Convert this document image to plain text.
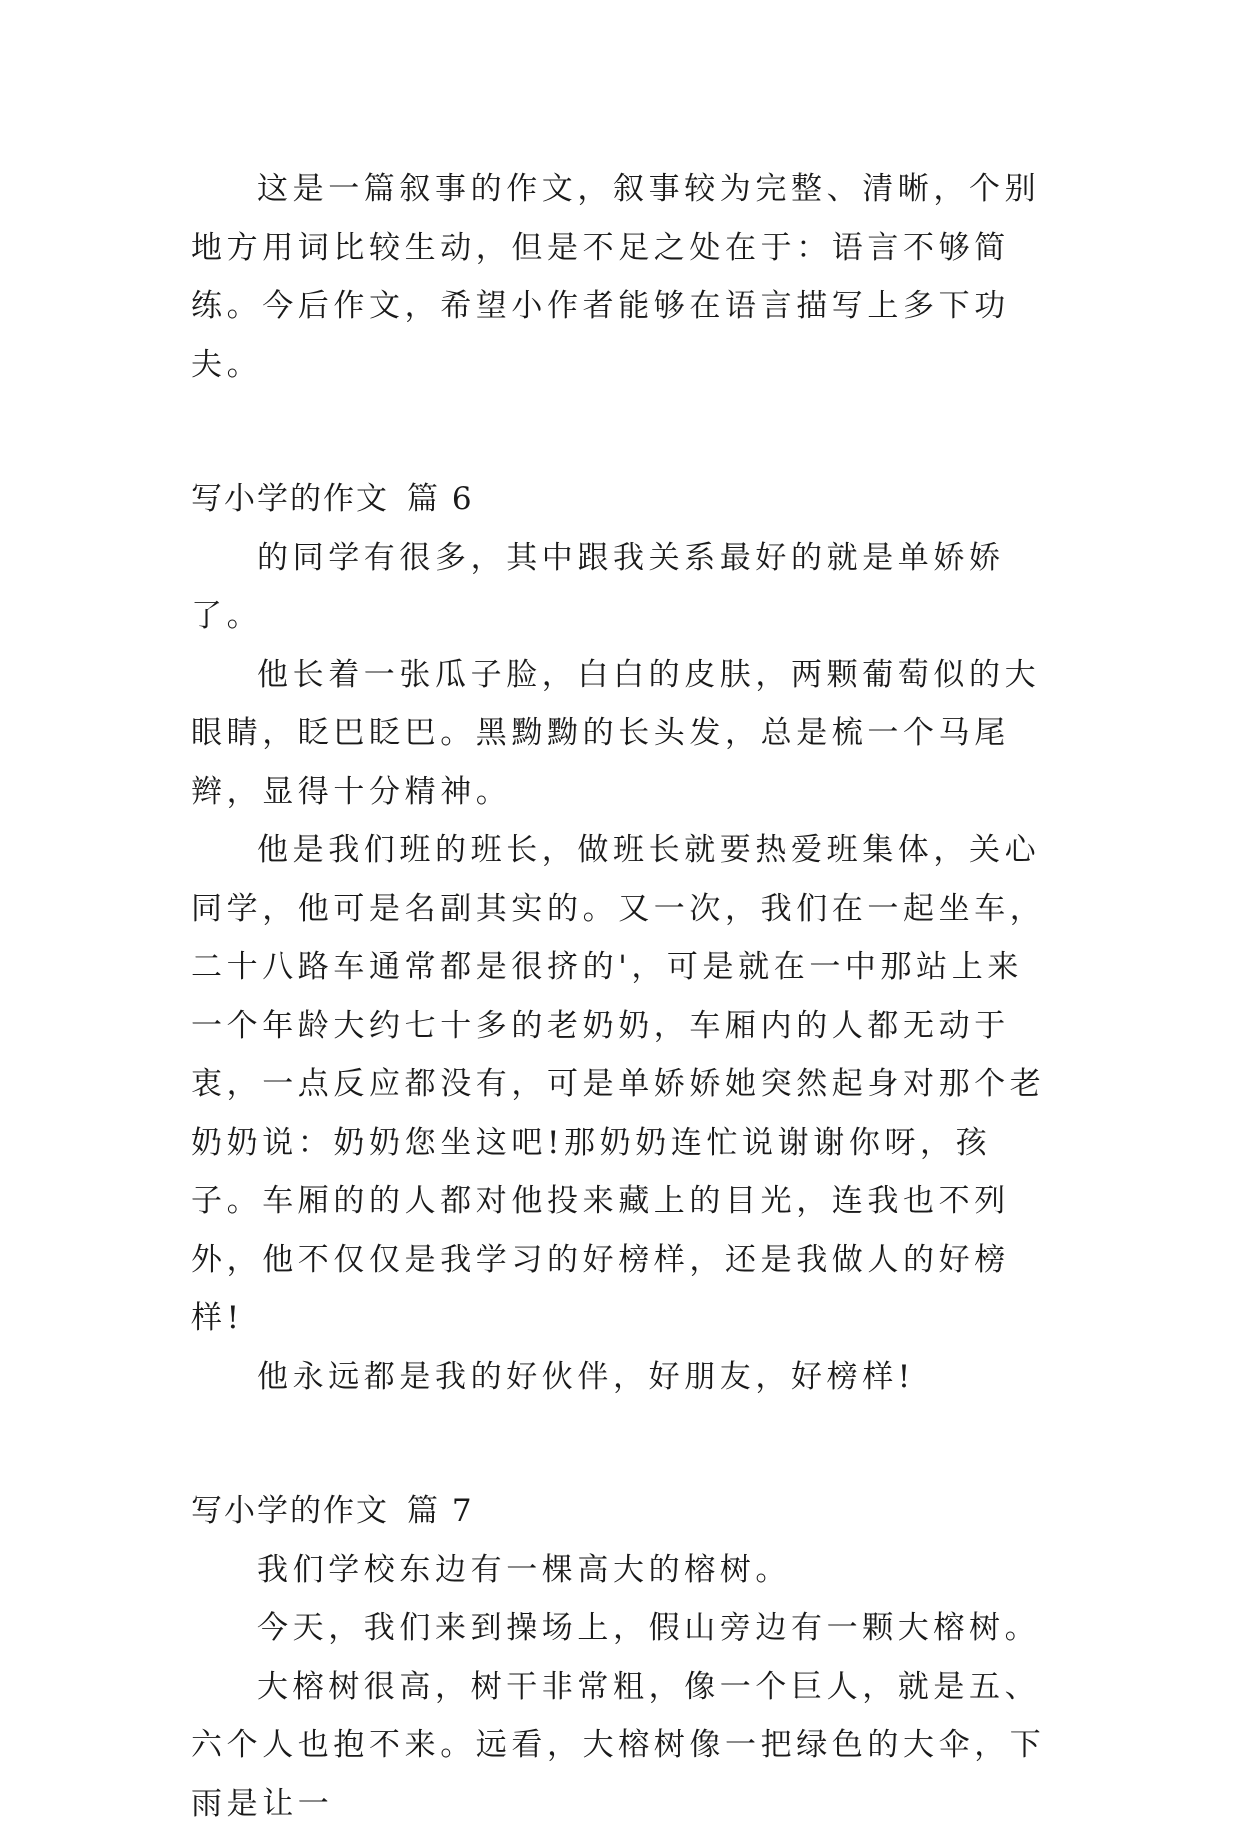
这是一篇叙事的作文，叙事较为完整、清晰，个别地方用词比较生动，但是不足之处在于：语言不够简练。今后作文，希望小作者能够在语言描写上多下功夫。

写小学的作文 篇 6

的同学有很多，其中跟我关系最好的就是单娇娇了。

他长着一张瓜子脸，白白的皮肤，两颗葡萄似的大眼睛，眨巴眨巴。黑黝黝的长头发，总是梳一个马尾辫，显得十分精神。

他是我们班的班长，做班长就要热爱班集体，关心同学，他可是名副其实的。又一次，我们在一起坐车，二十八路车通常都是很挤的'，可是就在一中那站上来一个年龄大约七十多的老奶奶，车厢内的人都无动于衷，一点反应都没有，可是单娇娇她突然起身对那个老奶奶说：奶奶您坐这吧!那奶奶连忙说谢谢你呀，孩子。车厢的的人都对他投来藏上的目光，连我也不列外，他不仅仅是我学习的好榜样，还是我做人的好榜样!

他永远都是我的好伙伴，好朋友，好榜样!

写小学的作文 篇 7

我们学校东边有一棵高大的榕树。

今天，我们来到操场上，假山旁边有一颗大榕树。

大榕树很高，树干非常粗，像一个巨人，就是五、六个人也抱不来。远看，大榕树像一把绿色的大伞，下雨是让一
